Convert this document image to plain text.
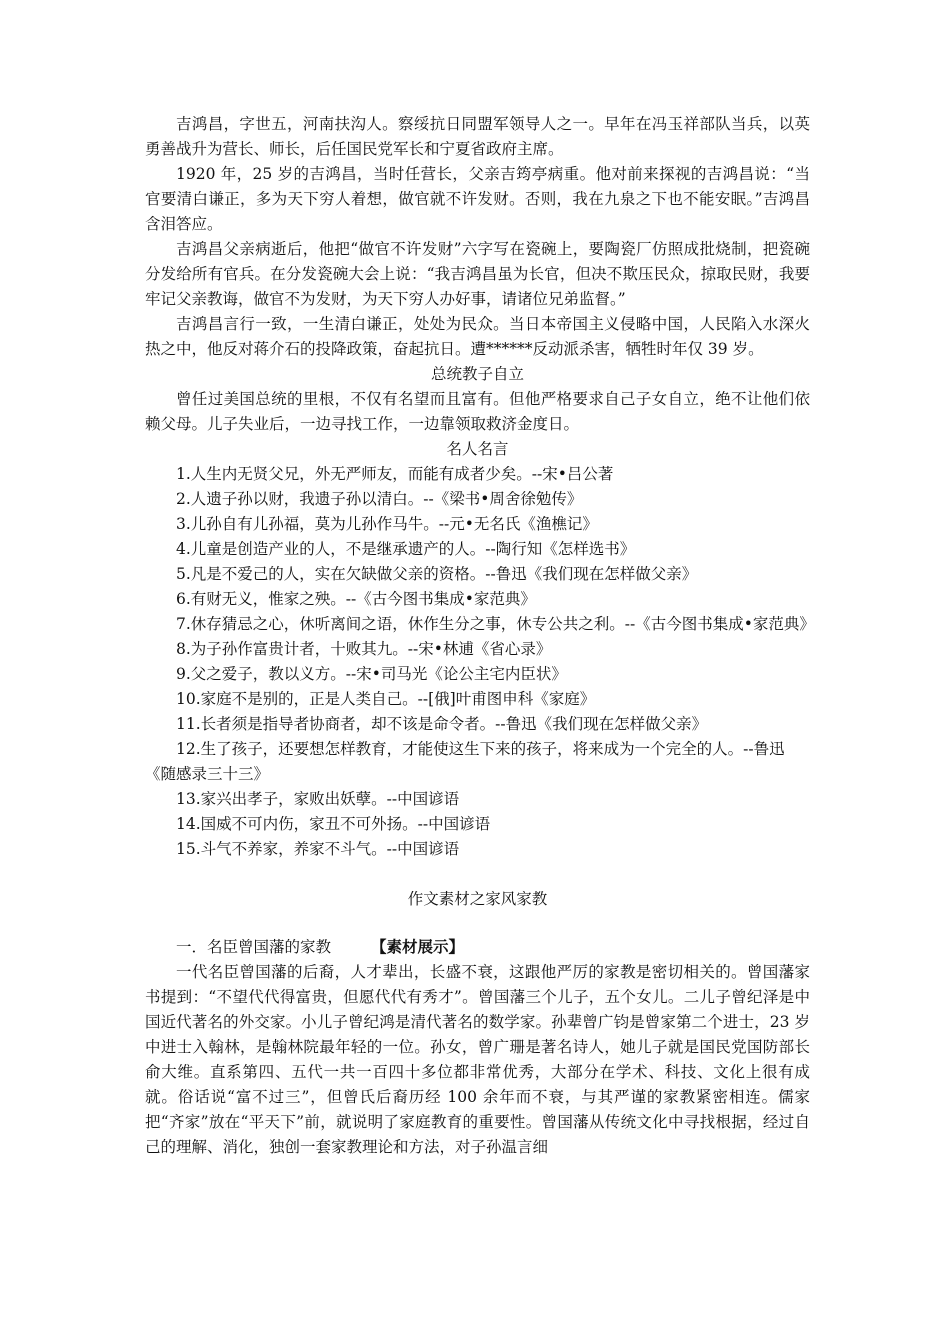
吉鸿昌，字世五，河南扶沟人。察绥抗日同盟军领导人之一。早年在冯玉祥部队当兵，以英勇善战升为营长、师长，后任国民党军长和宁夏省政府主席。

1920 年，25 岁的吉鸿昌，当时任营长，父亲吉筠亭病重。他对前来探视的吉鸿昌说：“当官要清白谦正，多为天下穷人着想，做官就不许发财。否则，我在九泉之下也不能安眠。”吉鸿昌含泪答应。

吉鸿昌父亲病逝后，他把“做官不许发财”六字写在瓷碗上，要陶瓷厂仿照成批烧制，把瓷碗分发给所有官兵。在分发瓷碗大会上说：“我吉鸿昌虽为长官，但决不欺压民众，掠取民财，我要牢记父亲教诲，做官不为发财，为天下穷人办好事，请诸位兄弟监督。”

吉鸿昌言行一致，一生清白谦正，处处为民众。当日本帝国主义侵略中国，人民陷入水深火热之中，他反对蒋介石的投降政策，奋起抗日。遭******反动派杀害，牺牲时年仅 39 岁。

总统教子自立

曾任过美国总统的里根，不仅有名望而且富有。但他严格要求自己子女自立，绝不让他们依赖父母。儿子失业后，一边寻找工作，一边靠领取救济金度日。

名人名言

1.人生内无贤父兄，外无严师友，而能有成者少矣。--宋•吕公著

2.人遗子孙以财，我遗子孙以清白。--《梁书•周舍徐勉传》

3.儿孙自有儿孙福，莫为儿孙作马牛。--元•无名氏《渔樵记》

4.儿童是创造产业的人，不是继承遗产的人。--陶行知《怎样选书》

5.凡是不爱己的人，实在欠缺做父亲的资格。--鲁迅《我们现在怎样做父亲》

6.有财无义，惟家之殃。--《古今图书集成•家范典》

7.休存猜忌之心，休听离间之语，休作生分之事，休专公共之利。--《古今图书集成•家范典》

8.为子孙作富贵计者，十败其九。--宋•林逋《省心录》

9.父之爱子，教以义方。--宋•司马光《论公主宅内臣状》

10.家庭不是别的，正是人类自己。--[俄]叶甫图申科《家庭》

11.长者须是指导者协商者，却不该是命令者。--鲁迅《我们现在怎样做父亲》

12.生了孩子，还要想怎样教育，才能使这生下来的孩子，将来成为一个完全的人。--鲁迅《随感录三十三》

13.家兴出孝子，家败出妖孽。--中国谚语

14.国威不可内伤，家丑不可外扬。--中国谚语

15.斗气不养家，养家不斗气。--中国谚语

作文素材之家风家教

一．名臣曾国藩的家教	【素材展示】

一代名臣曾国藩的后裔，人才辈出，长盛不衰，这跟他严厉的家教是密切相关的。曾国藩家书提到：“不望代代得富贵，但愿代代有秀才”。曾国藩三个儿子，五个女儿。二儿子曾纪泽是中国近代著名的外交家。小儿子曾纪鸿是清代著名的数学家。孙辈曾广钧是曾家第二个进士，23 岁中进士入翰林，是翰林院最年轻的一位。孙女，曾广珊是著名诗人，她儿子就是国民党国防部长俞大维。直系第四、五代一共一百四十多位都非常优秀，大部分在学术、科技、文化上很有成就。俗话说“富不过三”，但曾氏后裔历经 100 余年而不衰，与其严谨的家教紧密相连。儒家把“齐家”放在“平天下”前，就说明了家庭教育的重要性。曾国藩从传统文化中寻找根据，经过自己的理解、消化，独创一套家教理论和方法，对子孙温言细
